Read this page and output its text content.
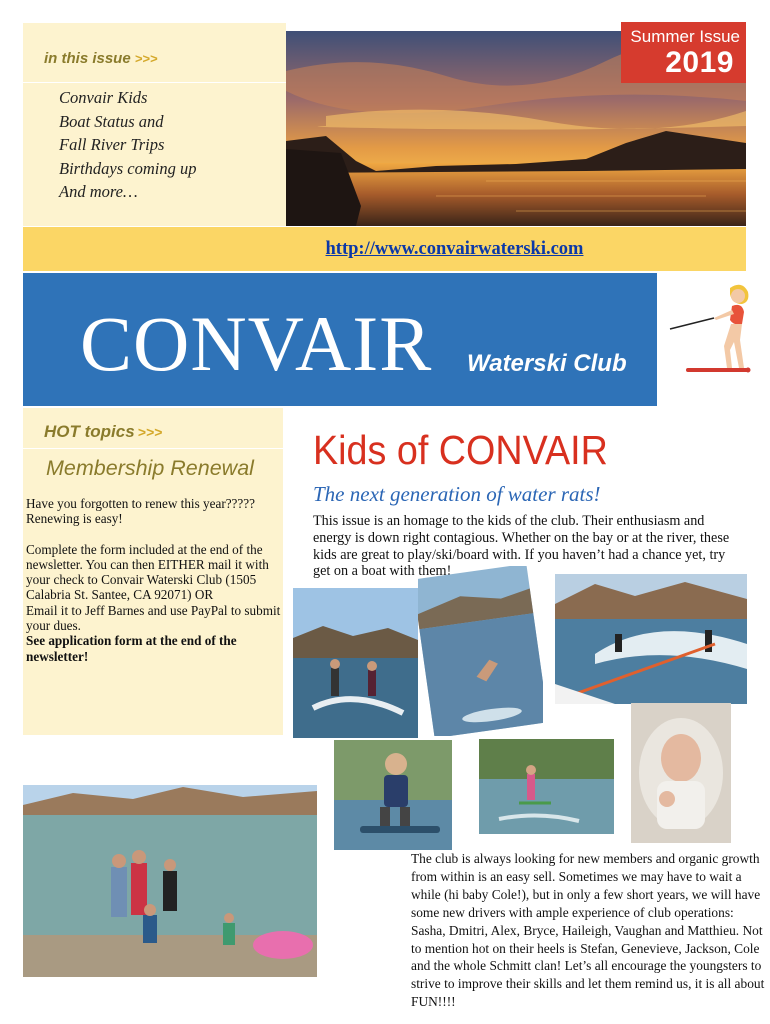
in this issue >>>
Convair Kids
Boat Status and
Fall River Trips
Birthdays coming up
And more…
Summer Issue
2019
http://www.convairwaterski.com
CONVAIR Waterski Club
HOT topics >>>
Membership Renewal

Have you forgotten to renew this year????? Renewing is easy!

Complete the form included at the end of the newsletter. You can then EITHER mail it with your check to Convair Waterski Club (1505 Calabria St. Santee, CA 92071) OR

Email it to Jeff Barnes and use PayPal to submit your dues.

See application form at the end of the newsletter!

Kids of CONVAIR
The next generation of water rats!

This issue is an homage to the kids of the club. Their enthusiasm and energy is down right contagious. Whether on the bay or at the river, these kids are great to play/ski/board with. If you haven’t had a chance yet, try get on a boat with them!

The club is always looking for new members and organic growth from within is an easy sell. Sometimes we may have to wait a while (hi baby Cole!), but in only a few short years, we will have some new drivers with ample experience of club operations: Sasha, Dmitri, Alex, Bryce, Haileigh, Vaughan and Matthieu. Not to mention hot on their heels is Stefan, Genevieve, Jackson, Cole and the whole Schmitt clan! Let’s all encourage the youngsters to strive to improve their skills and let them remind us, it is all about FUN!!!!
